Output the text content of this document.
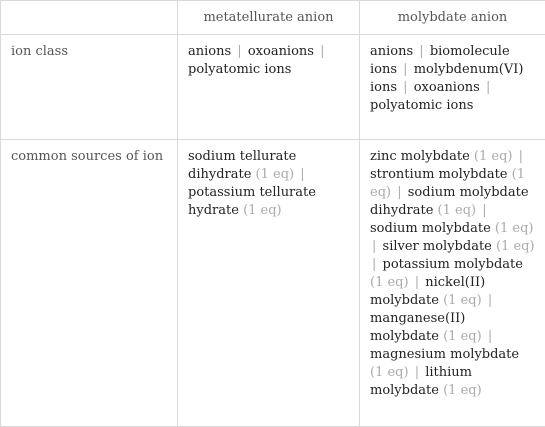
	metatellurate anion	molybdate anion
ion class	anions | oxoanions | polyatomic ions	anions | biomolecule ions | molybdenum(VI) ions | oxoanions | polyatomic ions
common sources of ion	sodium tellurate dihydrate (1 eq) | potassium tellurate hydrate (1 eq)	zinc molybdate (1 eq) | strontium molybdate (1 eq) | sodium molybdate dihydrate (1 eq) | sodium molybdate (1 eq) | silver molybdate (1 eq) | potassium molybdate (1 eq) | nickel(II) molybdate (1 eq) | manganese(II) molybdate (1 eq) | magnesium molybdate (1 eq) | lithium molybdate (1 eq)
